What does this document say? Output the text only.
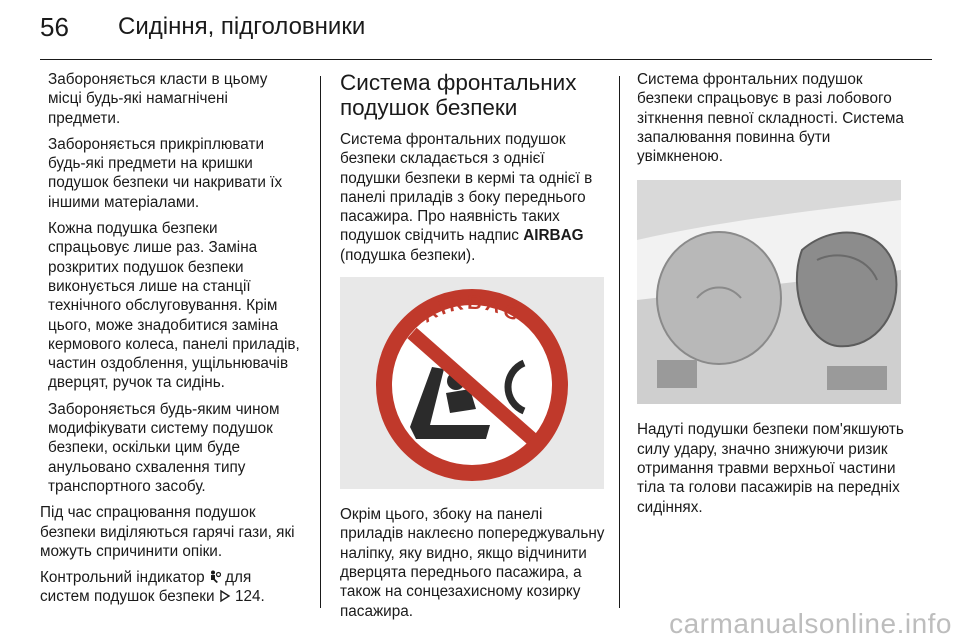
56 Сидіння, підголовники

Забороняється класти в цьому місці будь-які намагнічені предмети.

Забороняється прикріплювати будь-які предмети на кришки подушок безпеки чи накривати їх іншими матеріалами.

Кожна подушка безпеки спрацьовує лише раз. Заміна розкритих подушок безпеки виконується лише на станції технічного обслуговування. Крім цього, може знадобитися заміна кермового колеса, панелі приладів, частин оздоблення, ущільнювачів дверцят, ручок та сидінь.

Забороняється будь-яким чином модифікувати систему подушок безпеки, оскільки цим буде анульовано схвалення типу транспортного засобу.

Під час спрацювання подушок безпеки виділяються гарячі гази, які можуть спричинити опіки.

Контрольний індикатор  для систем подушок безпеки  124.

Система фронтальних подушок безпеки

Система фронтальних подушок безпеки складається з однієї подушки безпеки в кермі та однієї в панелі приладів з боку переднього пасажира. Про наявність таких подушок свідчить надпис AIRBAG (подушка безпеки).

AIRBAG

Окрім цього, збоку на панелі приладів наклеєно попереджувальну наліпку, яку видно, якщо відчинити дверцята переднього пасажира, а також на сонцезахисному козирку пасажира.

Система фронтальних подушок безпеки спрацьовує в разі лобового зіткнення певної складності. Система запалювання повинна бути увімкненою.

Надуті подушки безпеки пом'якшують силу удару, значно знижуючи ризик отримання травми верхньої частини тіла та голови пасажирів на передніх сидіннях.

carmanualsonline.info
